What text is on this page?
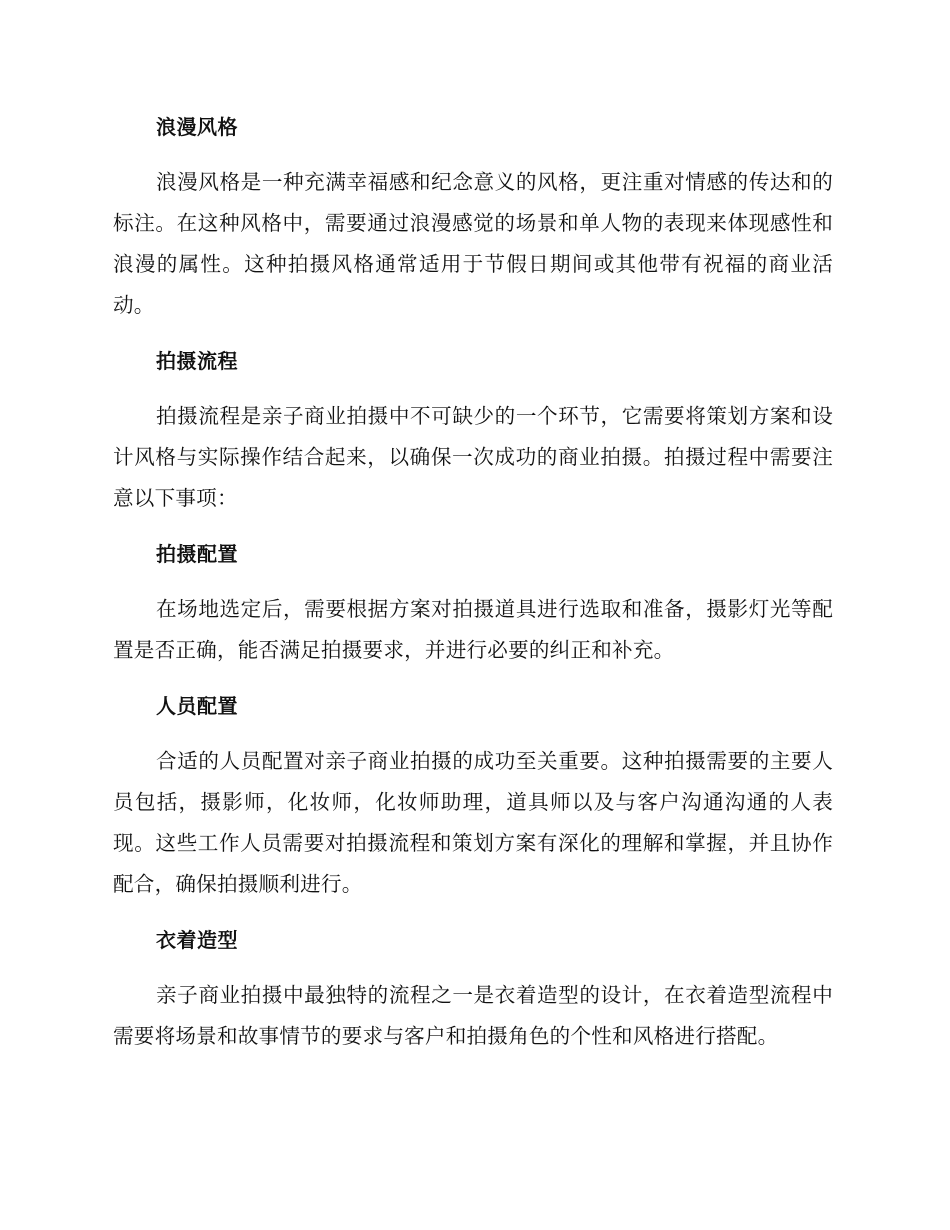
浪漫风格

浪漫风格是一种充满幸福感和纪念意义的风格，更注重对情感的传达和的标注。在这种风格中，需要通过浪漫感觉的场景和单人物的表现来体现感性和浪漫的属性。这种拍摄风格通常适用于节假日期间或其他带有祝福的商业活动。

拍摄流程

拍摄流程是亲子商业拍摄中不可缺少的一个环节，它需要将策划方案和设计风格与实际操作结合起来，以确保一次成功的商业拍摄。拍摄过程中需要注意以下事项：

拍摄配置

在场地选定后，需要根据方案对拍摄道具进行选取和准备，摄影灯光等配置是否正确，能否满足拍摄要求，并进行必要的纠正和补充。

人员配置

合适的人员配置对亲子商业拍摄的成功至关重要。这种拍摄需要的主要人员包括，摄影师，化妆师，化妆师助理，道具师以及与客户沟通沟通的人表现。这些工作人员需要对拍摄流程和策划方案有深化的理解和掌握，并且协作配合，确保拍摄顺利进行。

衣着造型

亲子商业拍摄中最独特的流程之一是衣着造型的设计，在衣着造型流程中需要将场景和故事情节的要求与客户和拍摄角色的个性和风格进行搭配。
